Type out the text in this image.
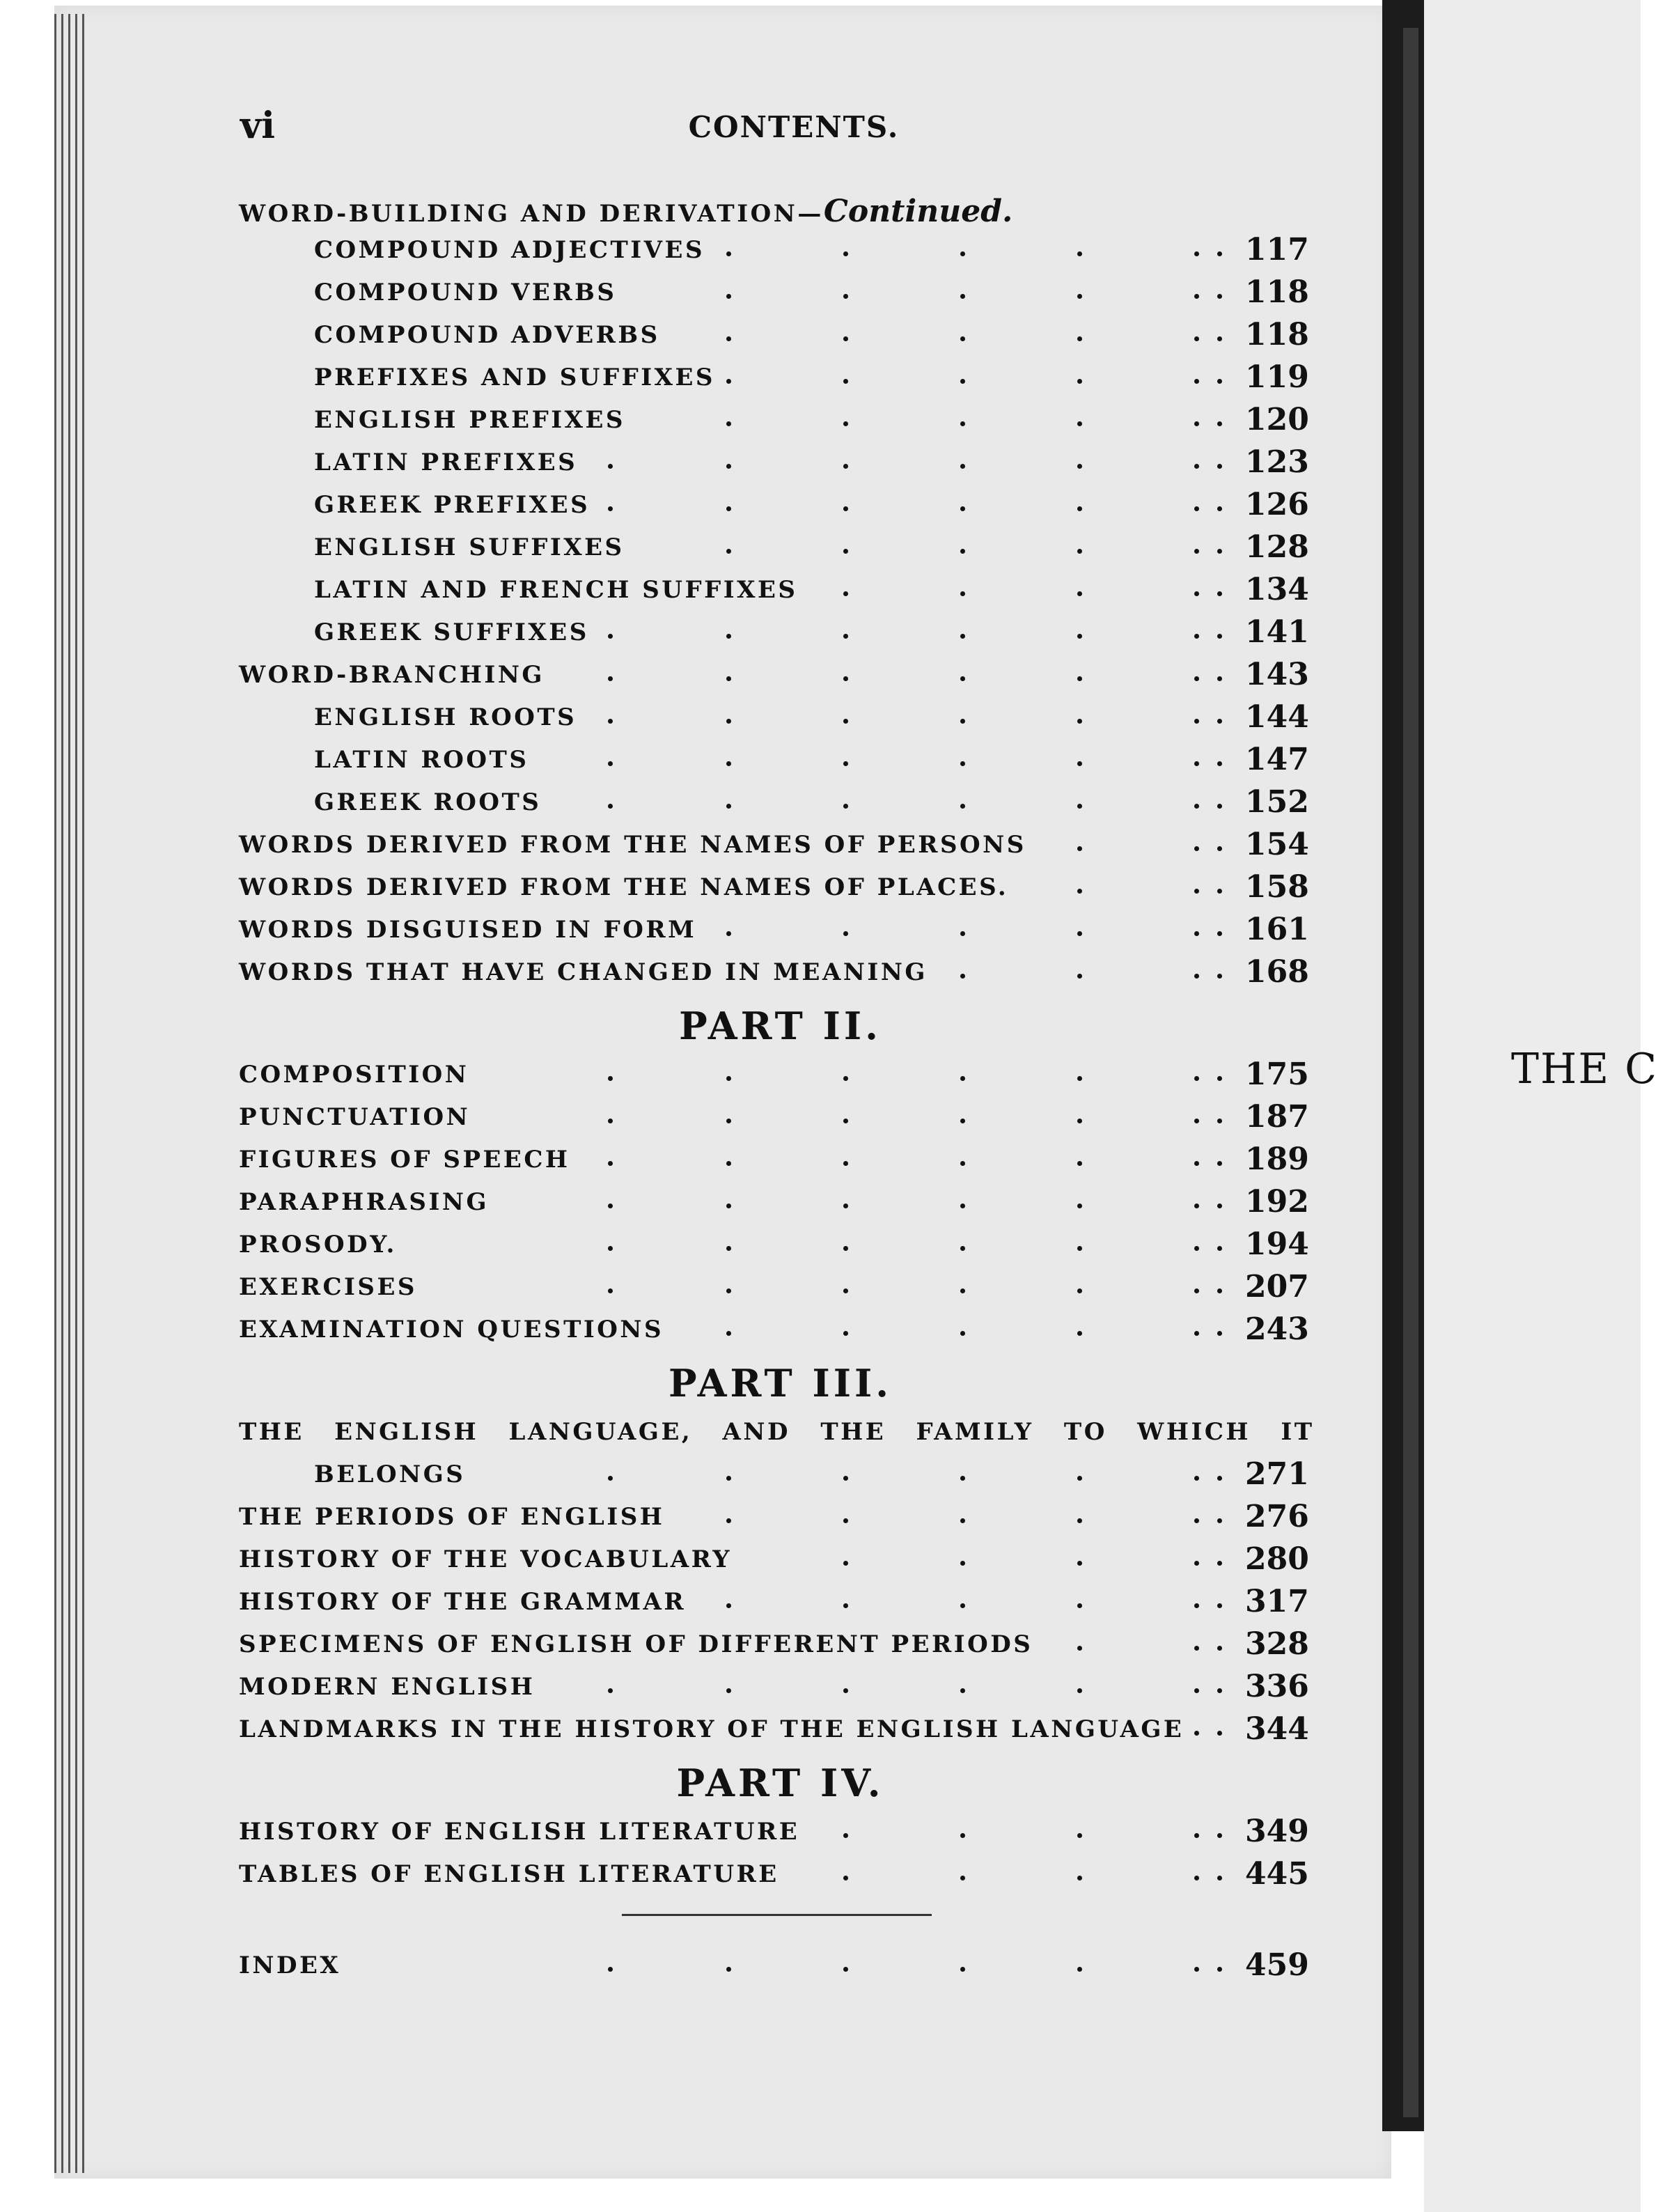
THE C
vi	CONTENTS.
WORD-BUILDING AND DERIVATION—Continued.
COMPOUND ADJECTIVES	117
COMPOUND VERBS	118
COMPOUND ADVERBS	118
PREFIXES AND SUFFIXES	119
ENGLISH PREFIXES	120
LATIN PREFIXES	123
GREEK PREFIXES	126
ENGLISH SUFFIXES	128
LATIN AND FRENCH SUFFIXES	134
GREEK SUFFIXES	141
WORD-BRANCHING	143
ENGLISH ROOTS	144
LATIN ROOTS	147
GREEK ROOTS	152
WORDS DERIVED FROM THE NAMES OF PERSONS	154
WORDS DERIVED FROM THE NAMES OF PLACES.	158
WORDS DISGUISED IN FORM	161
WORDS THAT HAVE CHANGED IN MEANING	168
PART II.
COMPOSITION	175
PUNCTUATION	187
FIGURES OF SPEECH	189
PARAPHRASING	192
PROSODY.	194
EXERCISES	207
EXAMINATION QUESTIONS	243
PART III.
THE ENGLISH LANGUAGE, AND THE FAMILY TO WHICH IT
BELONGS	271
THE PERIODS OF ENGLISH	276
HISTORY OF THE VOCABULARY	280
HISTORY OF THE GRAMMAR	317
SPECIMENS OF ENGLISH OF DIFFERENT PERIODS	328
MODERN ENGLISH	336
LANDMARKS IN THE HISTORY OF THE ENGLISH LANGUAGE 344
PART IV.
HISTORY OF ENGLISH LITERATURE	349
TABLES OF ENGLISH LITERATURE	445
INDEX	459
